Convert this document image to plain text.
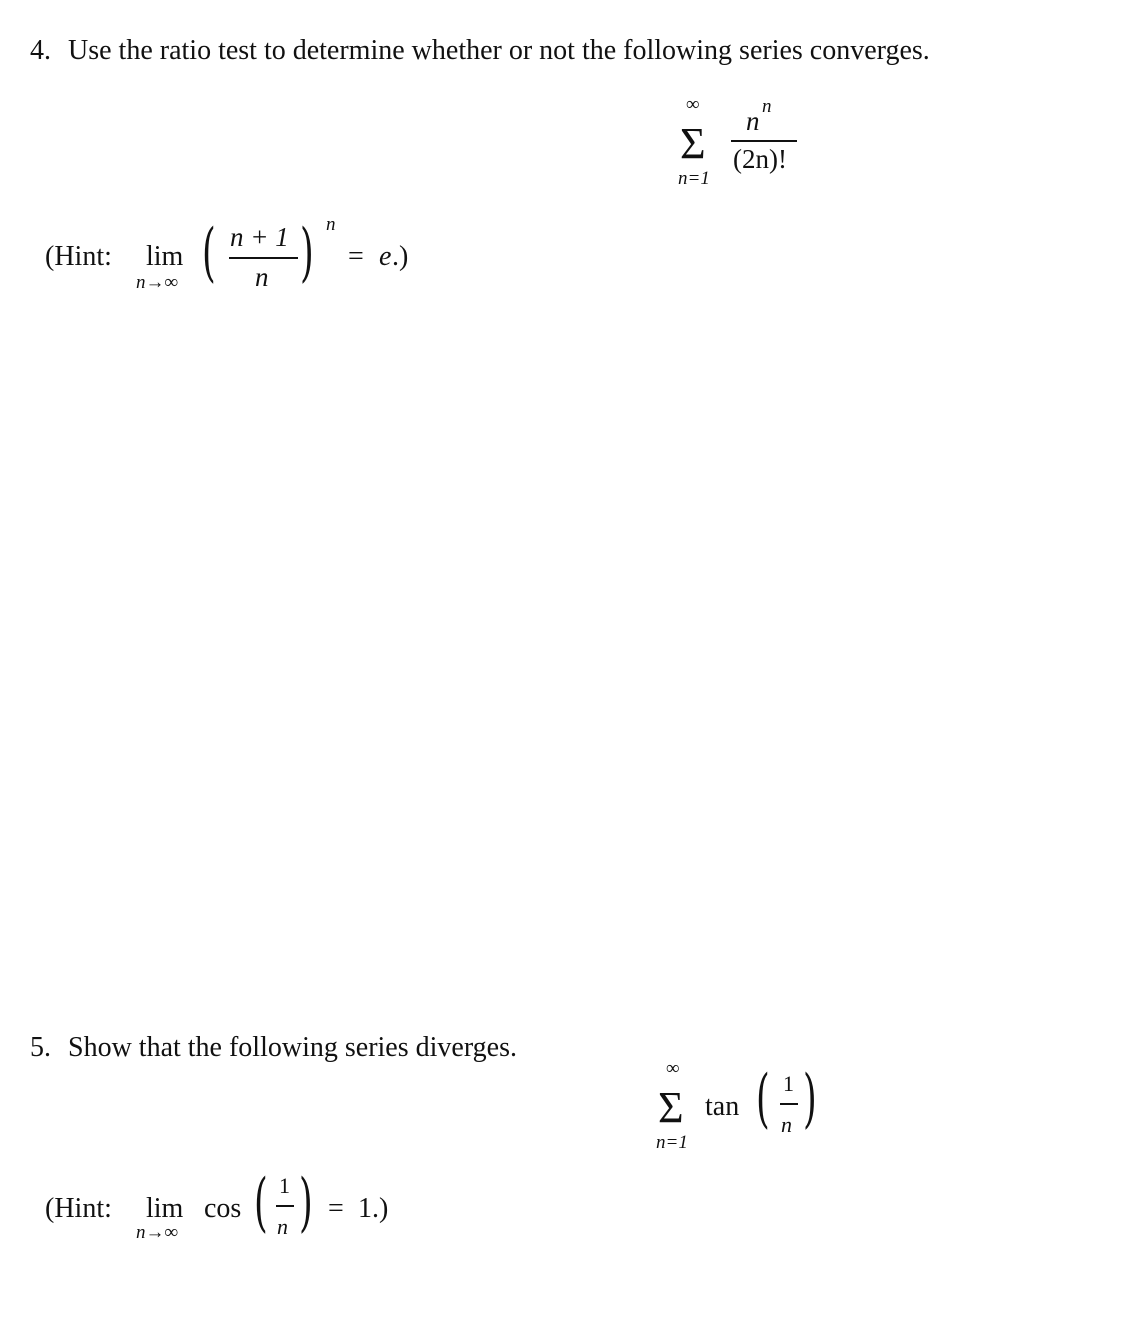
4. Use the ratio test to determine whether or not the following series converges.
∞
Σ
n=1
n n
(2n)!
(Hint: lim
n→∞ ( n + 1
n ) n
= e .)
5. Show that the following series diverges.
∞
Σ
n=1
tan ( 1
n )
(Hint: lim
n→∞
cos ( 1
n ) = 1.)
